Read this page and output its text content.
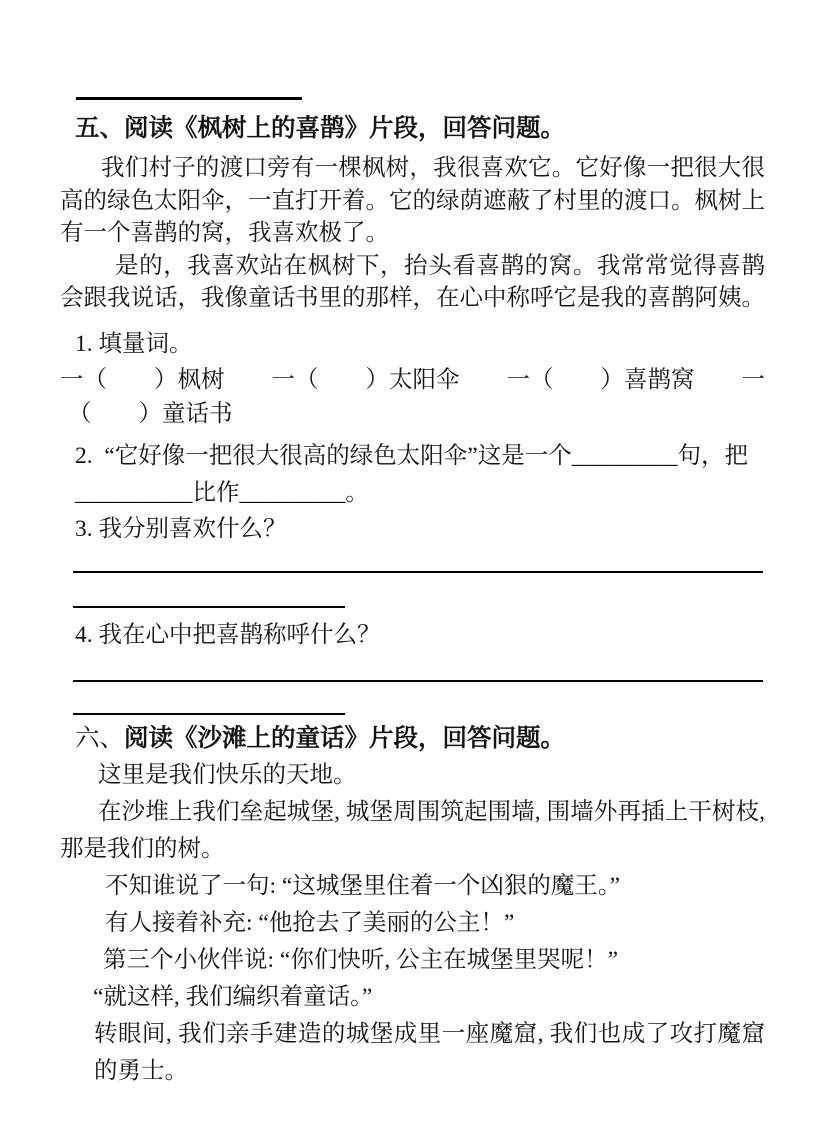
五、阅读《枫树上的喜鹊》片段，回答问题。

我们村子的渡口旁有一棵枫树，我很喜欢它。它好像一把很大很高的绿色太阳伞，一直打开着。它的绿荫遮蔽了村里的渡口。枫树上有一个喜鹊的窝，我喜欢极了。

是的，我喜欢站在枫树下，抬头看喜鹊的窝。我常常觉得喜鹊会跟我说话，我像童话书里的那样，在心中称呼它是我的喜鹊阿姨。

1. 填量词。
一（　　）枫树 一（　　）太阳伞 一（　　）喜鹊窝 一
（　　）童话书
2.  “它好像一把很大很高的绿色太阳伞”这是一个_________句，把
__________比作_________。
3. 我分别喜欢什么？
4. 我在心中把喜鹊称呼什么？
六、阅读《沙滩上的童话》片段，回答问题。

这里是我们快乐的天地。

在沙堆上我们垒起城堡, 城堡周围筑起围墙, 围墙外再插上干树枝, 那是我们的树。

不知谁说了一句: “这城堡里住着一个凶狠的魔王。”

有人接着补充: “他抢去了美丽的公主！”

第三个小伙伴说: “你们快听, 公主在城堡里哭呢！”

“就这样, 我们编织着童话。”

转眼间, 我们亲手建造的城堡成里一座魔窟, 我们也成了攻打魔窟的勇士。
